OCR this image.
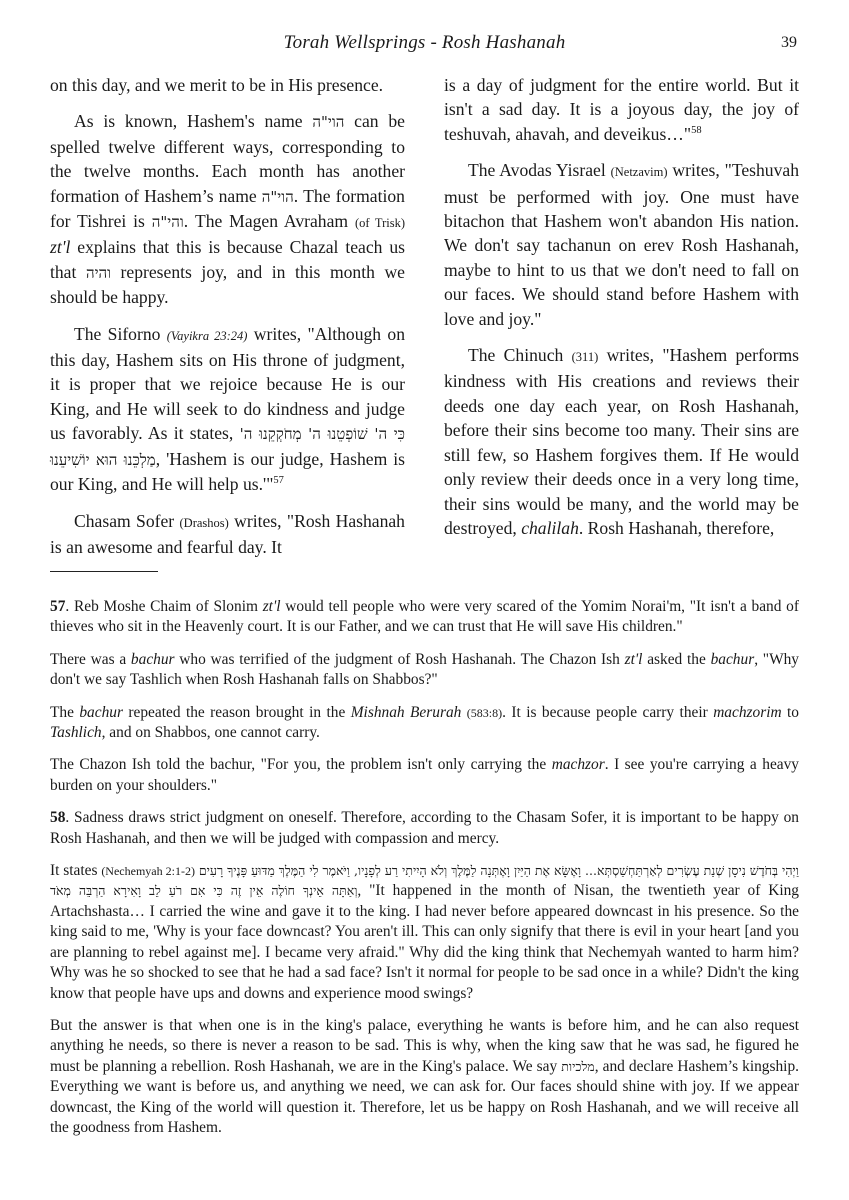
Torah Wellsprings - Rosh Hashanah	39

on this day, and we merit to be in His presence.

As is known, Hashem's name הוי"ה can be spelled twelve different ways, corresponding to the twelve months. Each month has another formation of Hashem’s name הוי"ה. The formation for Tishrei is והי"ה. The Magen Avraham (of Trisk) zt'l explains that this is because Chazal teach us that והיה represents joy, and in this month we should be happy.

The Siforno (Vayikra 23:24) writes, "Although on this day, Hashem sits on His throne of judgment, it is proper that we rejoice because He is our King, and He will seek to do kindness and judge us favorably. As it states, כִּי ה' שׁוֹפְטֵנוּ ה' מְחֹקְקֵנוּ ה' מַלְכֵּנוּ הוּא יוֹשִׁיעֵנוּ, 'Hashem is our judge, Hashem is our King, and He will help us.'"$^{57}$

Chasam Sofer (Drashos) writes, "Rosh Hashanah is an awesome and fearful day. It

is a day of judgment for the entire world. But it isn't a sad day. It is a joyous day, the joy of teshuvah, ahavah, and deveikus…"$^{58}$

The Avodas Yisrael (Netzavim) writes, "Teshuvah must be performed with joy. One must have bitachon that Hashem won't abandon His nation. We don't say tachanun on erev Rosh Hashanah, maybe to hint to us that we don't need to fall on our faces. We should stand before Hashem with love and joy."

The Chinuch (311) writes, "Hashem performs kindness with His creations and reviews their deeds one day each year, on Rosh Hashanah, before their sins become too many. Their sins are still few, so Hashem forgives them. If He would only review their deeds once in a very long time, their sins would be many, and the world may be destroyed, chalilah. Rosh Hashanah, therefore,

57. Reb Moshe Chaim of Slonim zt'l would tell people who were very scared of the Yomim Norai'm, "It isn't a band of thieves who sit in the Heavenly court. It is our Father, and we can trust that He will save His children."

There was a bachur who was terrified of the judgment of Rosh Hashanah. The Chazon Ish zt'l asked the bachur, "Why don't we say Tashlich when Rosh Hashanah falls on Shabbos?"

The bachur repeated the reason brought in the Mishnah Berurah (583:8). It is because people carry their machzorim to Tashlich, and on Shabbos, one cannot carry.

The Chazon Ish told the bachur, "For you, the problem isn't only carrying the machzor. I see you're carrying a heavy burden on your shoulders."

58. Sadness draws strict judgment on oneself. Therefore, according to the Chasam Sofer, it is important to be happy on Rosh Hashanah, and then we will be judged with compassion and mercy.

It states (Nechemyah 2:1-2) וַיְהִי בְּחֹדֶשׁ נִיסָן שְׁנַת עֶשְׂרִים לְאַרְתַּחְשַׁסְתְּא... וָאֶשָּׂא אֶת הַיַּיִן וָאֶתְּנָה לַמֶּלֶךְ וְלֹא הָיִיתִי רַע לְפָנָיו, וַיֹּאמֶר לִי הַמֶּלֶךְ מַדּוּעַ פָּנֶיךָ רָעִים וְאַתָּה אֵינְךָ חוֹלֶה אֵין זֶה כִּי אִם רֹעַ לֵב וָאִירָא הַרְבֵּה מְאֹד, "It happened in the month of Nisan, the twentieth year of King Artachshasta… I carried the wine and gave it to the king. I had never before appeared downcast in his presence. So the king said to me, 'Why is your face downcast? You aren't ill. This can only signify that there is evil in your heart [and you are planning to rebel against me]. I became very afraid." Why did the king think that Nechemyah wanted to harm him? Why was he so shocked to see that he had a sad face? Isn't it normal for people to be sad once in a while? Didn't the king know that people have ups and downs and experience mood swings?

But the answer is that when one is in the king's palace, everything he wants is before him, and he can also request anything he needs, so there is never a reason to be sad. This is why, when the king saw that he was sad, he figured he must be planning a rebellion. Rosh Hashanah, we are in the King's palace. We say מלכיות, and declare Hashem’s kingship. Everything we want is before us, and anything we need, we can ask for. Our faces should shine with joy. If we appear downcast, the King of the world will question it. Therefore, let us be happy on Rosh Hashanah, and we will receive all the goodness from Hashem.
